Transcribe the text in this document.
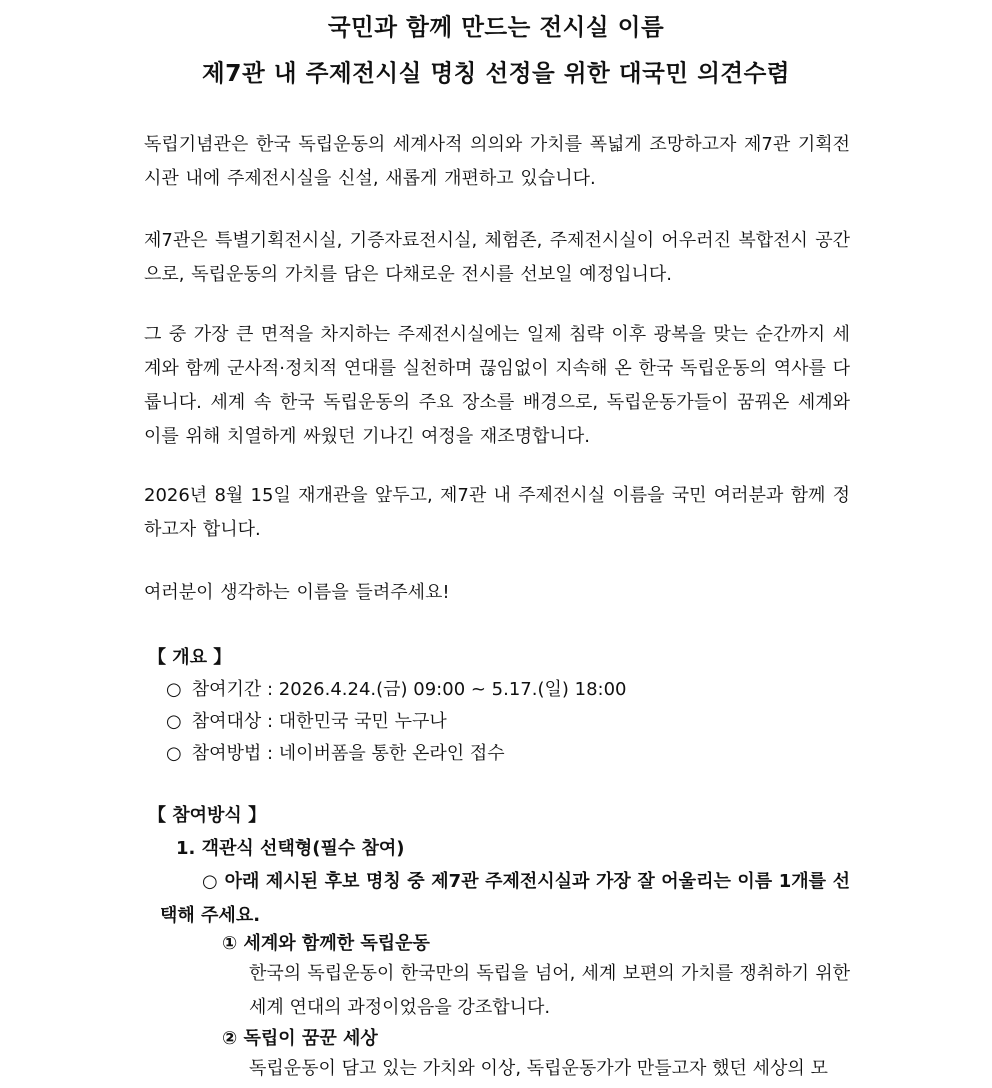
국민과 함께 만드는 전시실 이름
제7관 내 주제전시실 명칭 선정을 위한 대국민 의견수렴

독립기념관은 한국 독립운동의 세계사적 의의와 가치를 폭넓게 조망하고자 제7관 기획전시관 내에 주제전시실을 신설, 새롭게 개편하고 있습니다.

제7관은 특별기획전시실, 기증자료전시실, 체험존, 주제전시실이 어우러진 복합전시 공간으로, 독립운동의 가치를 담은 다채로운 전시를 선보일 예정입니다.

그 중 가장 큰 면적을 차지하는 주제전시실에는 일제 침략 이후 광복을 맞는 순간까지 세계와 함께 군사적·정치적 연대를 실천하며 끊임없이 지속해 온 한국 독립운동의 역사를 다룹니다. 세계 속 한국 독립운동의 주요 장소를 배경으로, 독립운동가들이 꿈꿔온 세계와 이를 위해 치열하게 싸웠던 기나긴 여정을 재조명합니다.

2026년 8월 15일 재개관을 앞두고, 제7관 내 주제전시실 이름을 국민 여러분과 함께 정하고자 합니다.

여러분이 생각하는 이름을 들려주세요!

【 개요 】
○ 참여기간 : 2026.4.24.(금) 09:00 ~ 5.17.(일) 18:00
○ 참여대상 : 대한민국 국민 누구나
○ 참여방법 : 네이버폼을 통한 온라인 접수
【 참여방식 】
1. 객관식 선택형(필수 참여)

○ 아래 제시된 후보 명칭 중 제7관 주제전시실과 가장 잘 어울리는 이름 1개를 선택해 주세요.

① 세계와 함께한 독립운동

한국의 독립운동이 한국만의 독립을 넘어, 세계 보편의 가치를 쟁취하기 위한 세계 연대의 과정이었음을 강조합니다.

② 독립이 꿈꾼 세상

독립운동이 담고 있는 가치와 이상, 독립운동가가 만들고자 했던 세상의 모
